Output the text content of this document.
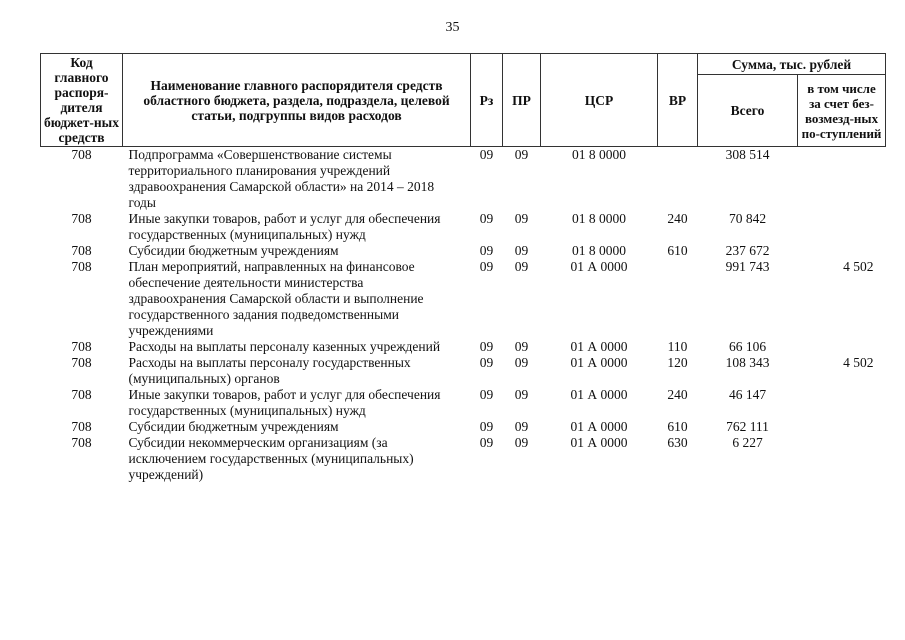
35
Код главного распоря-дителя бюджет-ных средств	Наименование главного распорядителя средств областного бюджета, раздела, подраздела, целевой статьи, подгруппы видов расходов	Рз	ПР	ЦСР	ВР	Сумма, тыс. рублей	
						Всего	в том числе за счет без-возмезд-ных по-ступлений
708	Подпрограмма «Совершенствование системы территориального планирования учреждений здравоохранения Самарской области» на 2014 – 2018 годы	09	09	01 8 0000		308 514	
708	Иные закупки товаров, работ и услуг для обеспечения государственных (муниципальных) нужд	09	09	01 8 0000	240	70 842	
708	Субсидии бюджетным учреждениям	09	09	01 8 0000	610	237 672	
708	План мероприятий, направленных на финансовое обеспечение деятельности министерства здравоохранения Самарской области и выполнение государственного задания подведомственными учреждениями	09	09	01 А 0000		991 743	4 502
708	Расходы на выплаты персоналу казенных учреждений	09	09	01 А 0000	110	66 106	
708	Расходы на выплаты персоналу государственных (муниципальных) органов	09	09	01 А 0000	120	108 343	4 502
708	Иные закупки товаров, работ и услуг для обеспечения государственных (муниципальных) нужд	09	09	01 А 0000	240	46 147	
708	Субсидии бюджетным учреждениям	09	09	01 А 0000	610	762 111	
708	Субсидии некоммерческим организациям (за исключением государственных (муниципальных) учреждений)	09	09	01 А 0000	630	6 227	
